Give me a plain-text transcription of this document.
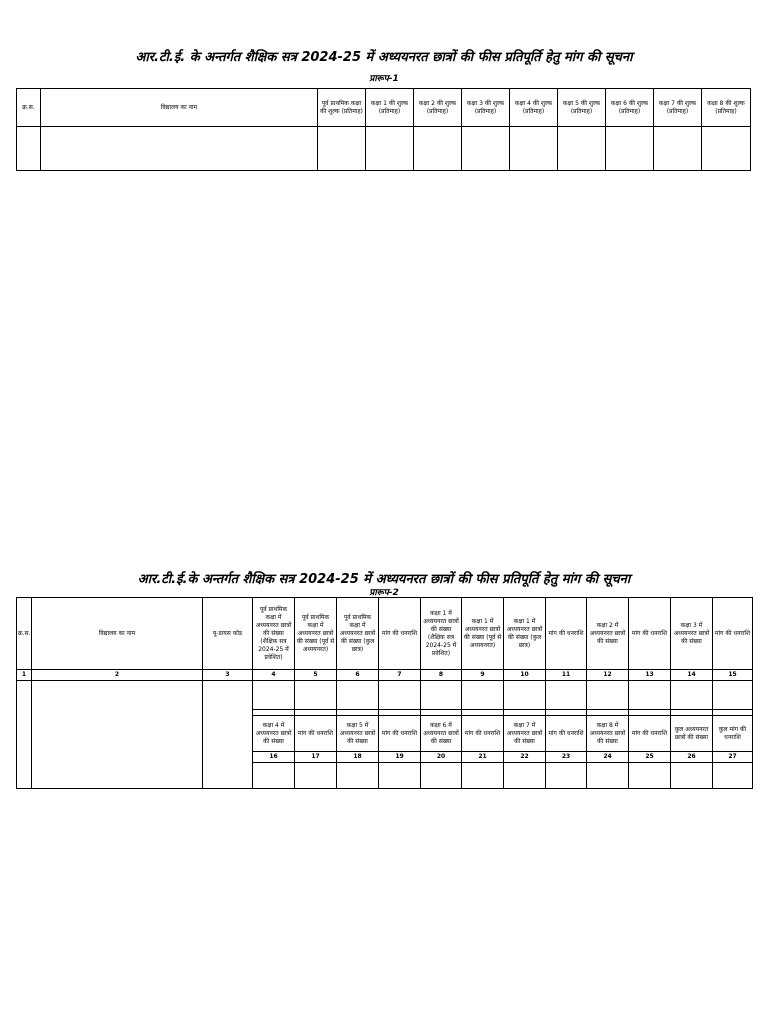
आर.टी.ई. के अन्तर्गत शैक्षिक सत्र 2024-25 में अध्ययनरत छात्रों की फीस प्रतिपूर्ति हेतु मांग की सूचना
प्रारूप-1
क्र.स.	विद्यालय का नाम	पूर्व प्राथमिक कक्षा की शुल्क (प्रतिमाह)	कक्षा 1 की शुल्क (प्रतिमाह)	कक्षा 2 की शुल्क (प्रतिमाह)	कक्षा 3 की शुल्क (प्रतिमाह)	कक्षा 4 की शुल्क (प्रतिमाह)	कक्षा 5 की शुल्क (प्रतिमाह)	कक्षा 6 की शुल्क (प्रतिमाह)	कक्षा 7 की शुल्क (प्रतिमाह)	कक्षा 8 की शुल्क (प्रतिमाह)

आर.टी.ई.के अन्तर्गत शैक्षिक सत्र 2024-25 में अध्ययनरत छात्रों की फीस प्रतिपूर्ति हेतु मांग की सूचना
प्रारूप-2
क्र.स.	विद्यालय का नाम	यू-डायस कोड	पूर्व प्राथमिक कक्षा में अध्ययनरत छात्रों की संख्या (शैक्षिक सत्र 2024-25 में प्रवेशित)	पूर्व प्राथमिक कक्षा में अध्ययनरत छात्रों की संख्या (पूर्व से अध्ययनरत)	पूर्व प्राथमिक कक्षा में अध्ययनरत छात्रों की संख्या (कुल छात्र)	मांग की धनराशि	कक्षा 1 में अध्ययनरत छात्रों की संख्या (शैक्षिक सत्र 2024-25 में प्रवेशित)	कक्षा 1 में अध्ययनरत छात्रों की संख्या (पूर्व से अध्ययनरत)	कक्षा 1 में अध्ययनरत छात्रों की संख्या (कुल छात्र)	मांग की धनराशि	कक्षा 2 में अध्ययनरत छात्रों की संख्या	मांग की धनराशि	कक्षा 3 में अध्ययनरत छात्रों की संख्या	मांग की धनराशि
1	2	3	4	5	6	7	8	9	10	11	12	13	14	15

			कक्षा 4 में अध्ययनरत छात्रों की संख्या	मांग की धनराशि	कक्षा 5 में अध्ययनरत छात्रों की संख्या	मांग की धनराशि	कक्षा 6 में अध्ययनरत छात्रों की संख्या	मांग की धनराशि	कक्षा 7 में अध्ययनरत छात्रों की संख्या	मांग की धनराशि	कक्षा 8 में अध्ययनरत छात्रों की संख्या	मांग की धनराशि	कुल अध्ययनरत छात्रों की संख्या	कुल मांग की धनराशि
			16	17	18	19	20	21	22	23	24	25	26	27
